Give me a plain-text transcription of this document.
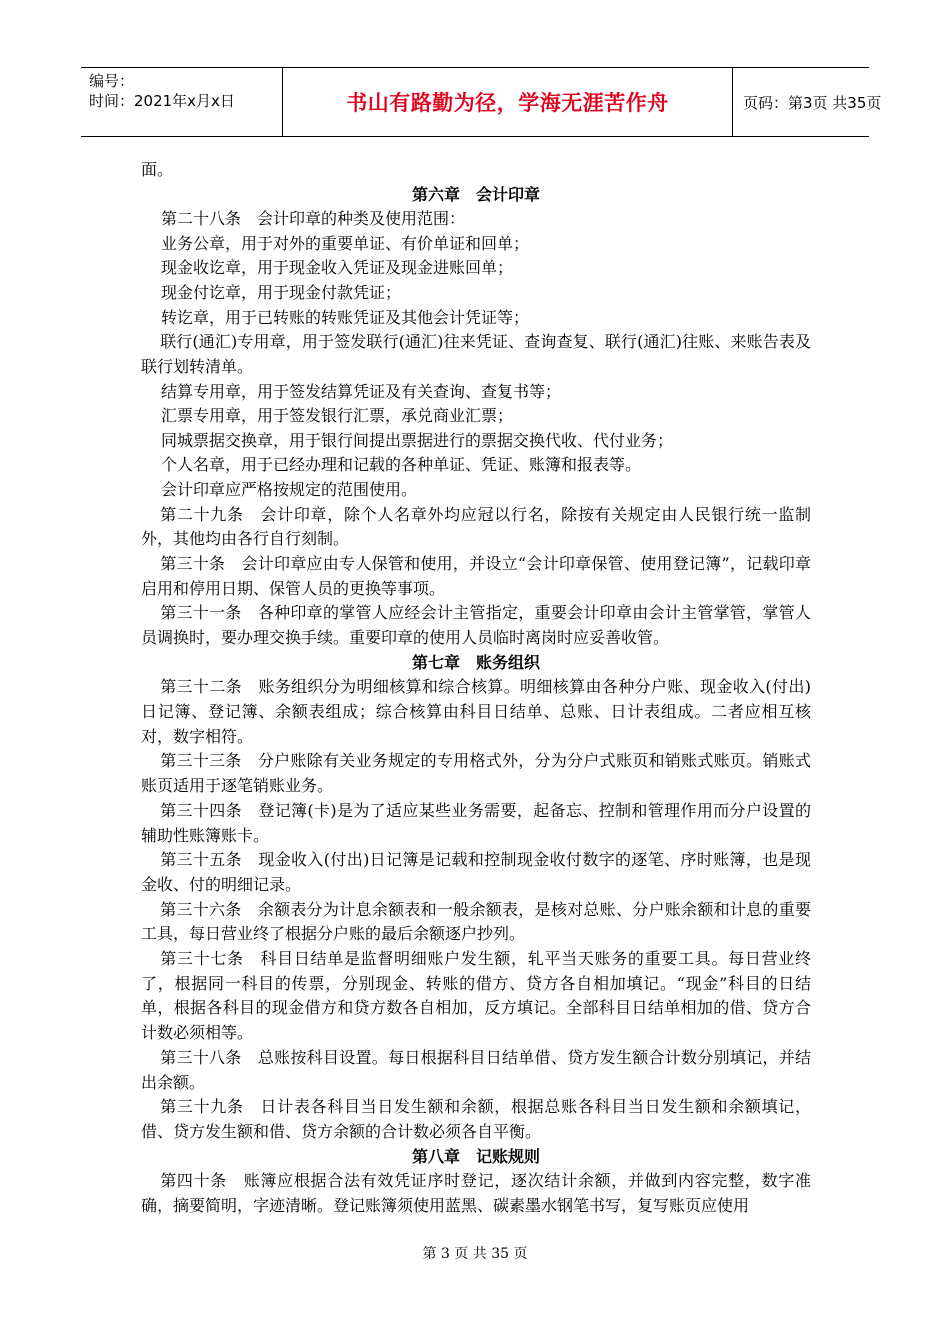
编号：
时间：2021年x月x日	书山有路勤为径，学海无涯苦作舟	页码：第3页 共35页
面。
第六章　会计印章
第二十八条　会计印章的种类及使用范围：
业务公章，用于对外的重要单证、有价单证和回单；
现金收讫章，用于现金收入凭证及现金进账回单；
现金付讫章，用于现金付款凭证；
转讫章，用于已转账的转账凭证及其他会计凭证等；
联行(通汇)专用章，用于签发联行(通汇)往来凭证、查询查复、联行(通汇)往账、来账告表及联行划转清单。
结算专用章，用于签发结算凭证及有关查询、查复书等；
汇票专用章，用于签发银行汇票，承兑商业汇票；
同城票据交换章，用于银行间提出票据进行的票据交换代收、代付业务；
个人名章，用于已经办理和记载的各种单证、凭证、账簿和报表等。
会计印章应严格按规定的范围使用。
第二十九条　会计印章，除个人名章外均应冠以行名，除按有关规定由人民银行统一监制外，其他均由各行自行刻制。
第三十条　会计印章应由专人保管和使用，并设立“会计印章保管、使用登记簿”，记载印章启用和停用日期、保管人员的更换等事项。
第三十一条　各种印章的掌管人应经会计主管指定，重要会计印章由会计主管掌管，掌管人员调换时，要办理交换手续。重要印章的使用人员临时离岗时应妥善收管。
第七章　账务组织
第三十二条　账务组织分为明细核算和综合核算。明细核算由各种分户账、现金收入(付出)日记簿、登记簿、余额表组成；综合核算由科目日结单、总账、日计表组成。二者应相互核对，数字相符。
第三十三条　分户账除有关业务规定的专用格式外，分为分户式账页和销账式账页。销账式账页适用于逐笔销账业务。
第三十四条　登记簿(卡)是为了适应某些业务需要，起备忘、控制和管理作用而分户设置的辅助性账簿账卡。
第三十五条　现金收入(付出)日记簿是记载和控制现金收付数字的逐笔、序时账簿，也是现金收、付的明细记录。
第三十六条　余额表分为计息余额表和一般余额表，是核对总账、分户账余额和计息的重要工具，每日营业终了根据分户账的最后余额逐户抄列。
第三十七条　科目日结单是监督明细账户发生额，轧平当天账务的重要工具。每日营业终了，根据同一科目的传票，分别现金、转账的借方、贷方各自相加填记。“现金”科目的日结单，根据各科目的现金借方和贷方数各自相加，反方填记。全部科目日结单相加的借、贷方合计数必须相等。
第三十八条　总账按科目设置。每日根据科目日结单借、贷方发生额合计数分别填记，并结出余额。
第三十九条　日计表各科目当日发生额和余额，根据总账各科目当日发生额和余额填记，借、贷方发生额和借、贷方余额的合计数必须各自平衡。
第八章　记账规则
第四十条　账簿应根据合法有效凭证序时登记，逐次结计余额，并做到内容完整，数字准确，摘要简明，字迹清晰。登记账簿须使用蓝黑、碳素墨水钢笔书写，复写账页应使用
第 3 页 共 35 页
